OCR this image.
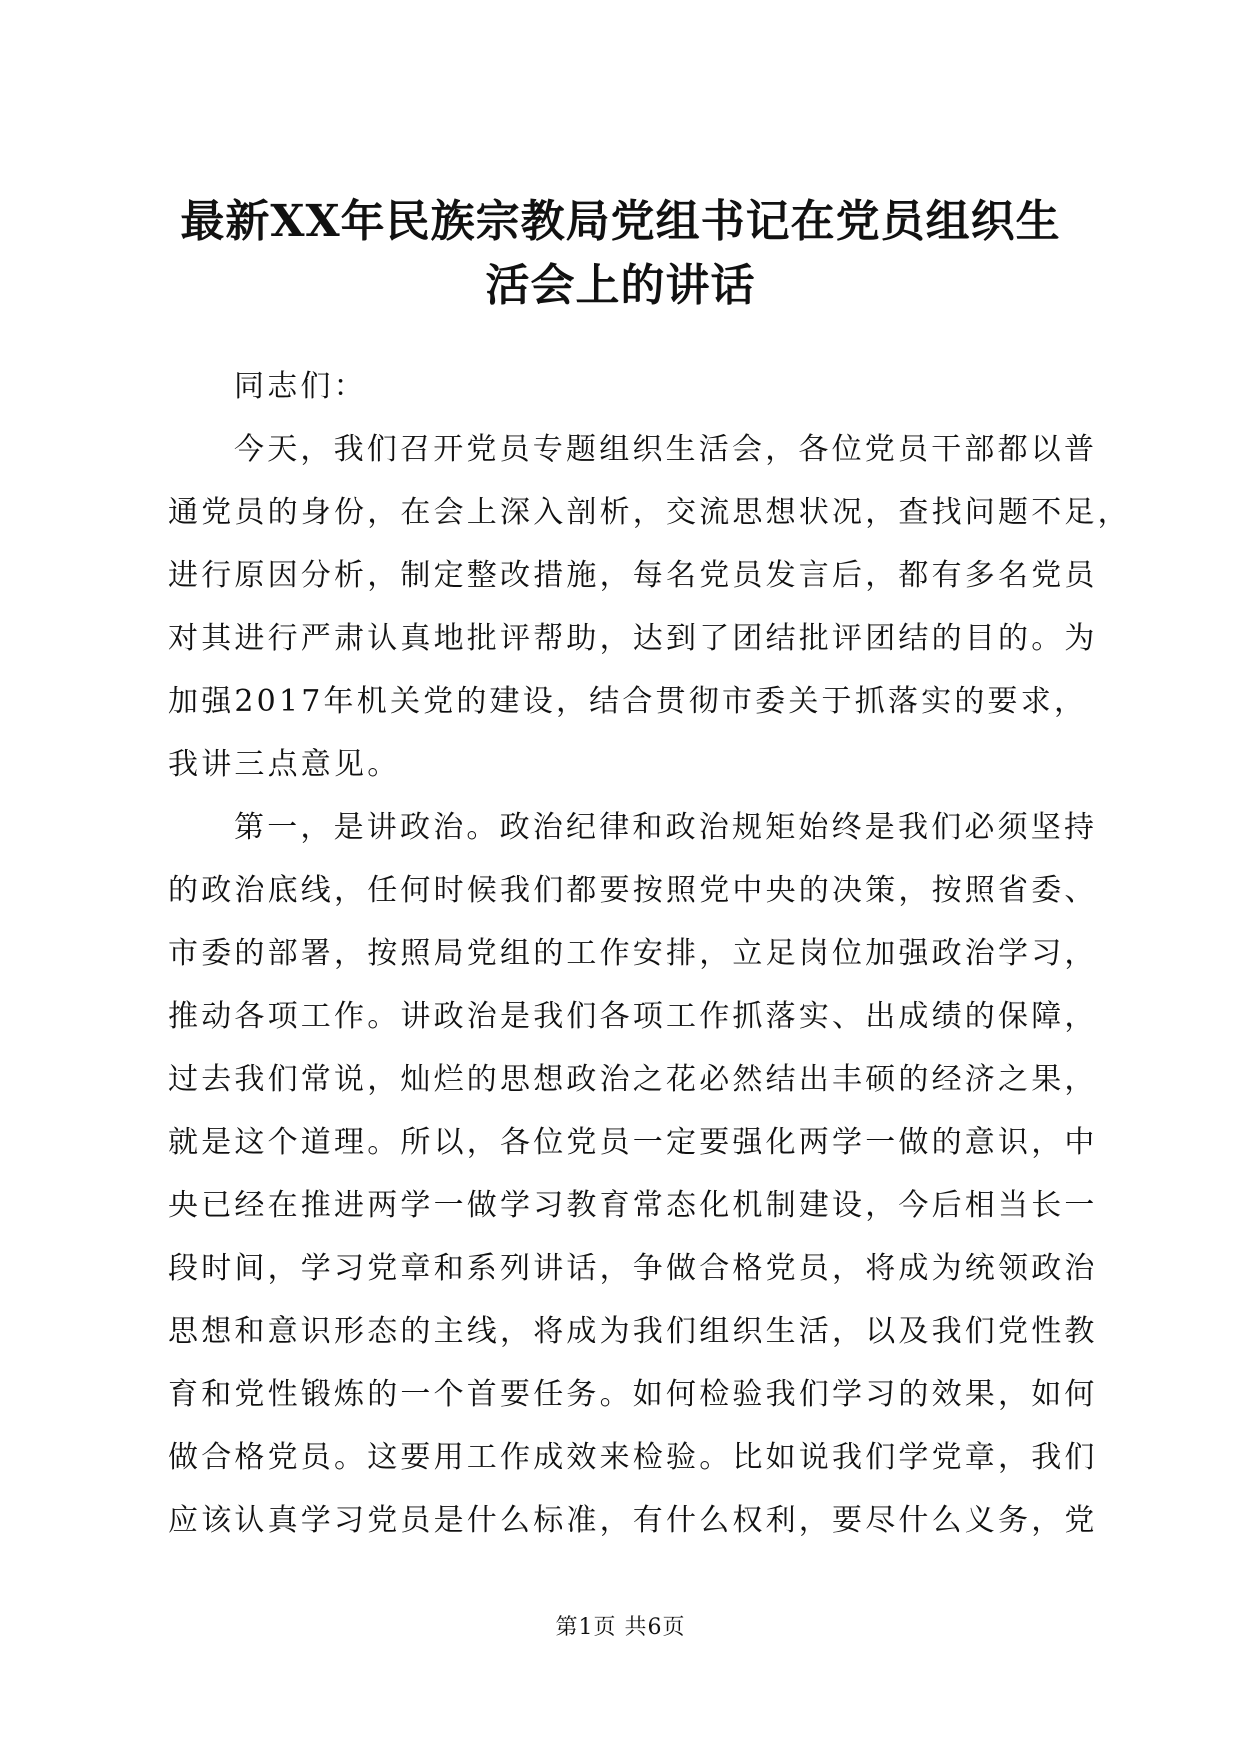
最新XX年民族宗教局党组书记在党员组织生
活会上的讲话
同志们：
今天，我们召开党员专题组织生活会，各位党员干部都以普
通党员的身份，在会上深入剖析，交流思想状况，查找问题不足，
进行原因分析，制定整改措施，每名党员发言后，都有多名党员
对其进行严肃认真地批评帮助，达到了团结批评团结的目的。为
加强2017年机关党的建设，结合贯彻市委关于抓落实的要求，
我讲三点意见。
第一，是讲政治。政治纪律和政治规矩始终是我们必须坚持
的政治底线，任何时候我们都要按照党中央的决策，按照省委、
市委的部署，按照局党组的工作安排，立足岗位加强政治学习，
推动各项工作。讲政治是我们各项工作抓落实、出成绩的保障，
过去我们常说，灿烂的思想政治之花必然结出丰硕的经济之果，
就是这个道理。所以，各位党员一定要强化两学一做的意识，中
央已经在推进两学一做学习教育常态化机制建设，今后相当长一
段时间，学习党章和系列讲话，争做合格党员，将成为统领政治
思想和意识形态的主线，将成为我们组织生活，以及我们党性教
育和党性锻炼的一个首要任务。如何检验我们学习的效果，如何
做合格党员。这要用工作成效来检验。比如说我们学党章，我们
应该认真学习党员是什么标准，有什么权利，要尽什么义务，党
第1页 共6页
